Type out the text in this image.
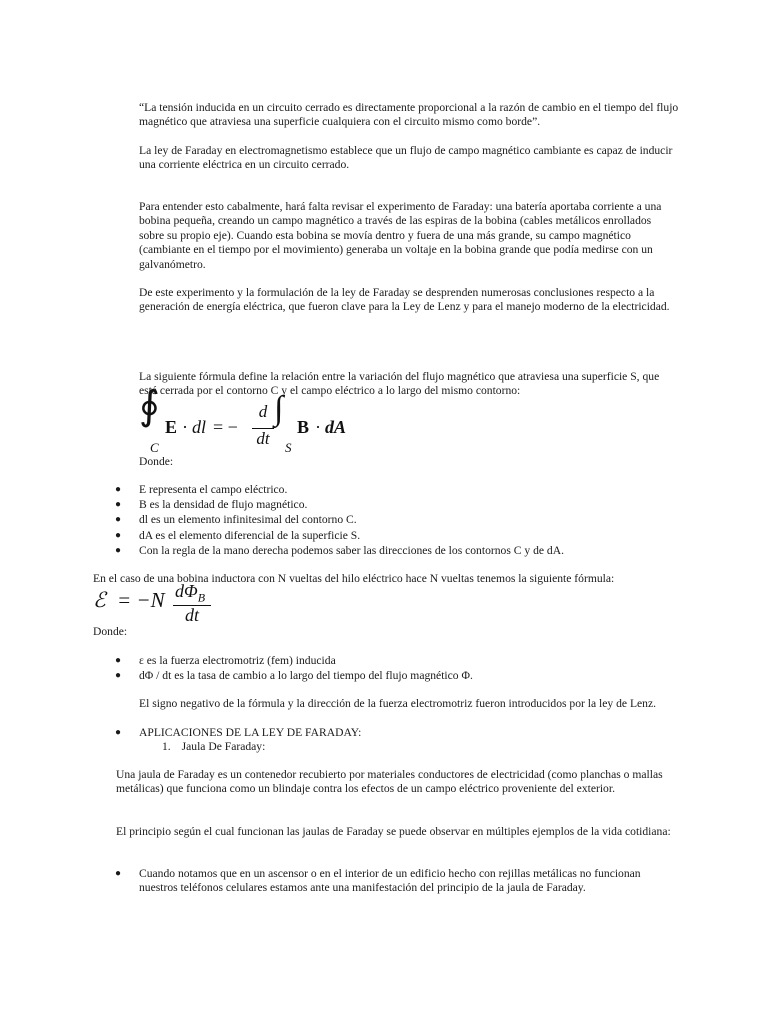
“La tensión inducida en un circuito cerrado es directamente proporcional a la razón de cambio en el tiempo del flujo magnético que atraviesa una superficie cualquiera con el circuito mismo como borde”.

La ley de Faraday en electromagnetismo establece que un flujo de campo magnético cambiante es capaz de inducir una corriente eléctrica en un circuito cerrado.

Para entender esto cabalmente, hará falta revisar el experimento de Faraday: una batería aportaba corriente a una bobina pequeña, creando un campo magnético a través de las espiras de la bobina (cables metálicos enrollados sobre su propio eje). Cuando esta bobina se movía dentro y fuera de una más grande, su campo magnético (cambiante en el tiempo por el movimiento) generaba un voltaje en la bobina grande que podía medirse con un galvanómetro.

De este experimento y la formulación de la ley de Faraday se desprenden numerosas conclusiones respecto a la generación de energía eléctrica, que fueron clave para la Ley de Lenz y para el manejo moderno de la electricidad.

La siguiente fórmula define la relación entre la variación del flujo magnético que atraviesa una superficie S, que está cerrada por el contorno C y el campo eléctrico a lo largo del mismo contorno:

∮
C
E · dl = −
d
dt
∫
S
B · dA

Donde:

● E representa el campo eléctrico.
● B es la densidad de flujo magnético.
● dl es un elemento infinitesimal del contorno C.
● dA es el elemento diferencial de la superficie S.
● Con la regla de la mano derecha podemos saber las direcciones de los contornos C y de dA.

En el caso de una bobina inductora con N vueltas del hilo eléctrico hace N vueltas tenemos la siguiente fórmula:

ℰ = −N $d\Phi_B$
dt

Donde:

● ε es la fuerza electromotriz (fem) inducida
● dΦ / dt es la tasa de cambio a lo largo del tiempo del flujo magnético Φ.

El signo negativo de la fórmula y la dirección de la fuerza electromotriz fueron introducidos por la ley de Lenz.

● APLICACIONES DE LA LEY DE FARADAY:
1. Jaula De Faraday:

Una jaula de Faraday es un contenedor recubierto por materiales conductores de electricidad (como planchas o mallas metálicas) que funciona como un blindaje contra los efectos de un campo eléctrico proveniente del exterior.

El principio según el cual funcionan las jaulas de Faraday se puede observar en múltiples ejemplos de la vida cotidiana:

● Cuando notamos que en un ascensor o en el interior de un edificio hecho con rejillas metálicas no funcionan nuestros teléfonos celulares estamos ante una manifestación del principio de la jaula de Faraday.
